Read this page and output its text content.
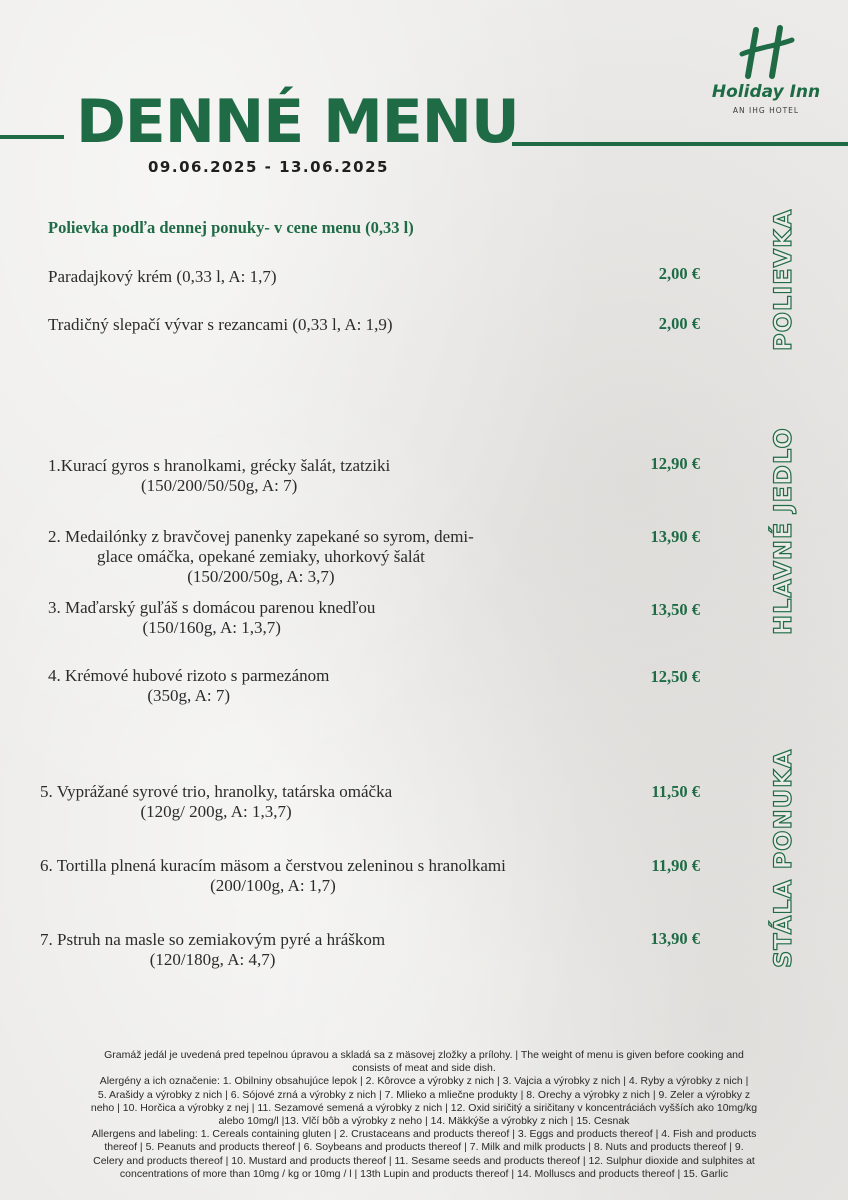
DENNÉ MENU
09.06.2025 - 13.06.2025
Holiday Inn
AN IHG HOTEL
Polievka podľa dennej ponuky- v cene menu (0,33 l)
Paradajkový krém (0,33 l, A: 1,7)	2,00 €
Tradičný slepačí vývar s rezancami (0,33 l, A: 1,9)	2,00 €
1.Kurací gyros s hranolkami, grécky šalát, tzatziki
(150/200/50/50g, A: 7)
12,90 €
2. Medailónky z bravčovej panenky zapekané so syrom, demi-
glace omáčka, opekané zemiaky, uhorkový šalát
(150/200/50g, A: 3,7)
13,90 €
3. Maďarský guľáš s domácou parenou knedľou
(150/160g, A: 1,3,7)
13,50 €
4. Krémové hubové rizoto s parmezánom
(350g, A: 7)
12,50 €
5. Vyprážané syrové trio, hranolky, tatárska omáčka
(120g/ 200g, A: 1,3,7)
11,50 €
6. Tortilla plnená kuracím mäsom a čerstvou zeleninou s hranolkami
(200/100g, A: 1,7)
11,90 €
7. Pstruh na masle so zemiakovým pyré a hráškom
(120/180g, A: 4,7)
13,90 €
POLIEVKA
HLAVNÉ JEDLO
STÁLA PONUKA
Gramáž jedál je uvedená pred tepelnou úpravou a skladá sa z mäsovej zložky a prílohy. | The weight of menu is given before cooking and
consists of meat and side dish.
Alergény a ich označenie: 1. Obilniny obsahujúce lepok | 2. Kôrovce a výrobky z nich | 3. Vajcia a výrobky z nich | 4. Ryby a výrobky z nich |
5. Arašidy a výrobky z nich | 6. Sójové zrná a výrobky z nich | 7. Mlieko a mliečne produkty | 8. Orechy a výrobky z nich | 9. Zeler a výrobky z
neho | 10. Horčica a výrobky z nej | 11. Sezamové semená a výrobky z nich | 12. Oxid siričitý a siričitany v koncentráciách vyšších ako 10mg/kg
alebo 10mg/l |13. Vlčí bôb a výrobky z neho | 14. Mäkkýše a výrobky z nich | 15. Cesnak
Allergens and labeling: 1. Cereals containing gluten | 2. Crustaceans and products thereof | 3. Eggs and products thereof | 4. Fish and products
thereof | 5. Peanuts and products thereof | 6. Soybeans and products thereof | 7. Milk and milk products | 8. Nuts and products thereof | 9.
Celery and products thereof | 10. Mustard and products thereof | 11. Sesame seeds and products thereof | 12. Sulphur dioxide and sulphites at
concentrations of more than 10mg / kg or 10mg / l | 13th Lupin and products thereof | 14. Molluscs and products thereof | 15. Garlic
